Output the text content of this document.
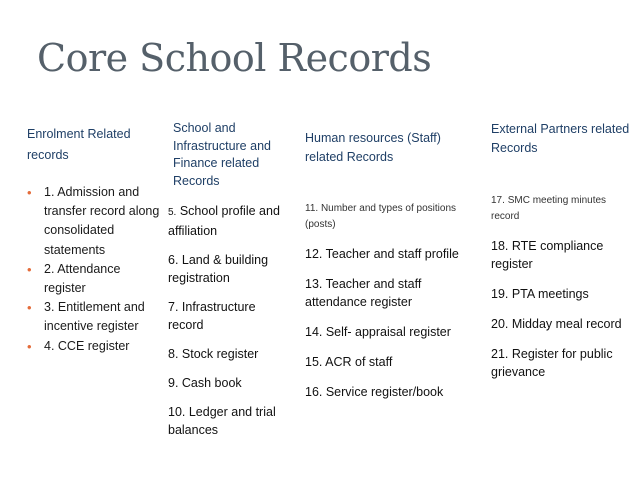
Core School Records
Enrolment Related records
School and Infrastructure and Finance related Records
Human resources (Staff) related Records
External Partners related Records
• 1. Admission and transfer record along consolidated statements
• 2. Attendance register
• 3. Entitlement and incentive register
• 4. CCE register
5. School profile and affiliation
6. Land & building registration
7. Infrastructure record
8. Stock register
9. Cash book
10. Ledger and trial balances
11. Number and types of positions (posts)
12. Teacher and staff profile
13. Teacher and staff attendance register
14. Self- appraisal register
15. ACR of staff
16. Service register/book
17. SMC meeting minutes record
18. RTE compliance register
19. PTA meetings
20. Midday meal record
21. Register for public grievance
